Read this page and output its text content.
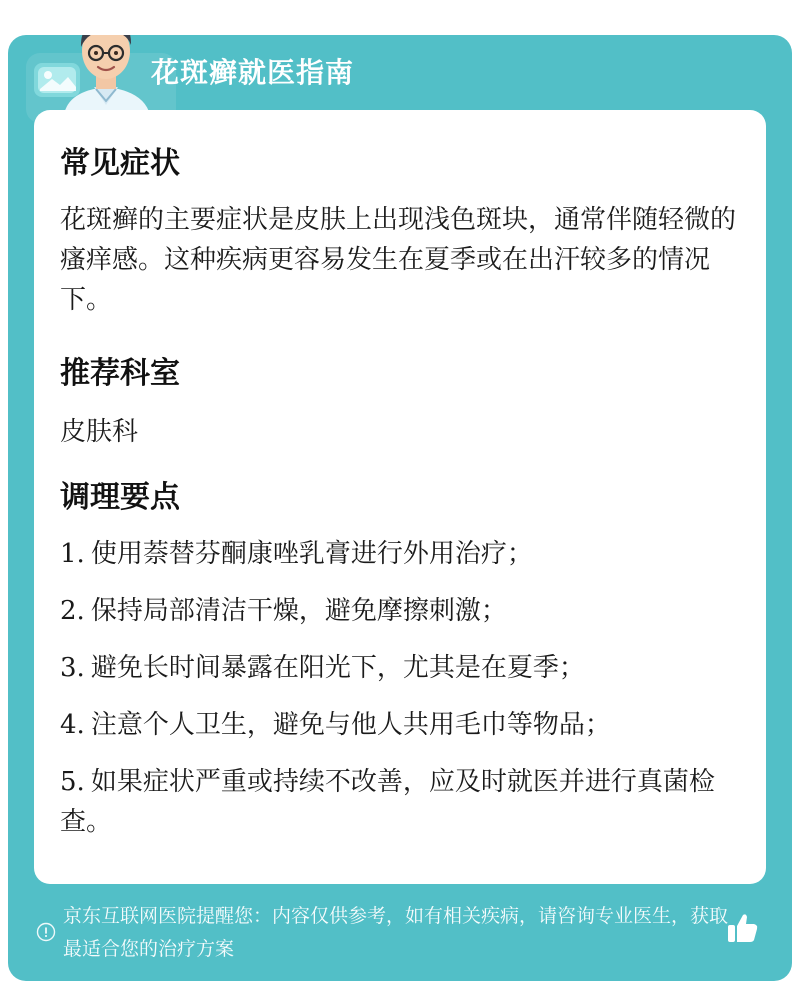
花斑癣就医指南
常见症状
花斑癣的主要症状是皮肤上出现浅色斑块，通常伴随轻微的瘙痒感。这种疾病更容易发生在夏季或在出汗较多的情况下。
推荐科室
皮肤科
调理要点
1. 使用萘替芬酮康唑乳膏进行外用治疗；
2. 保持局部清洁干燥，避免摩擦刺激；
3. 避免长时间暴露在阳光下，尤其是在夏季；
4. 注意个人卫生，避免与他人共用毛巾等物品；
5. 如果症状严重或持续不改善，应及时就医并进行真菌检查。
京东互联网医院提醒您：内容仅供参考，如有相关疾病，请咨询专业医生，获取最适合您的治疗方案
